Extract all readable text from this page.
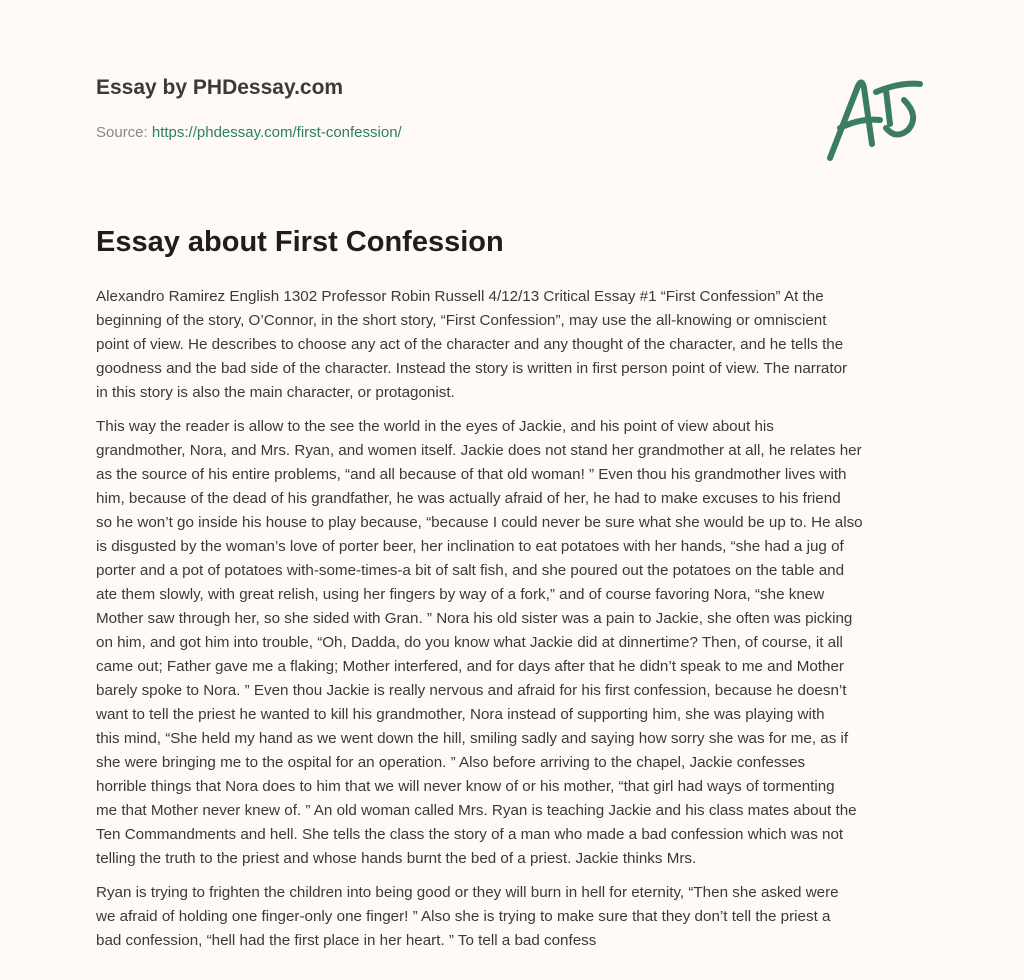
Essay by PHDessay.com
Source: https://phdessay.com/first-confession/
Essay about First Confession

Alexandro Ramirez English 1302 Professor Robin Russell 4/12/13 Critical Essay #1 “First Confession” At the
beginning of the story, O’Connor, in the short story, “First Confession”, may use the all-knowing or omniscient
point of view. He describes to choose any act of the character and any thought of the character, and he tells the
goodness and the bad side of the character. Instead the story is written in first person point of view. The narrator
in this story is also the main character, or protagonist.

This way the reader is allow to the see the world in the eyes of Jackie, and his point of view about his
grandmother, Nora, and Mrs. Ryan, and women itself. Jackie does not stand her grandmother at all, he relates her
as the source of his entire problems, “and all because of that old woman! ” Even thou his grandmother lives with
him, because of the dead of his grandfather, he was actually afraid of her, he had to make excuses to his friend
so he won’t go inside his house to play because, “because I could never be sure what she would be up to. He also
is disgusted by the woman’s love of porter beer, her inclination to eat potatoes with her hands, “she had a jug of
porter and a pot of potatoes with-some-times-a bit of salt fish, and she poured out the potatoes on the table and
ate them slowly, with great relish, using her fingers by way of a fork,” and of course favoring Nora, “she knew
Mother saw through her, so she sided with Gran. ” Nora his old sister was a pain to Jackie, she often was picking
on him, and got him into trouble, “Oh, Dadda, do you know what Jackie did at dinnertime? Then, of course, it all
came out; Father gave me a flaking; Mother interfered, and for days after that he didn’t speak to me and Mother
barely spoke to Nora. ” Even thou Jackie is really nervous and afraid for his first confession, because he doesn’t
want to tell the priest he wanted to kill his grandmother, Nora instead of supporting him, she was playing with
this mind, “She held my hand as we went down the hill, smiling sadly and saying how sorry she was for me, as if
she were bringing me to the ospital for an operation. ” Also before arriving to the chapel, Jackie confesses
horrible things that Nora does to him that we will never know of or his mother, “that girl had ways of tormenting
me that Mother never knew of. ” An old woman called Mrs. Ryan is teaching Jackie and his class mates about the
Ten Commandments and hell. She tells the class the story of a man who made a bad confession which was not
telling the truth to the priest and whose hands burnt the bed of a priest. Jackie thinks Mrs.

Ryan is trying to frighten the children into being good or they will burn in hell for eternity, “Then she asked were
we afraid of holding one finger-only one finger! ” Also she is trying to make sure that they don’t tell the priest a
bad confession, “hell had the first place in her heart. ” To tell a bad confess
